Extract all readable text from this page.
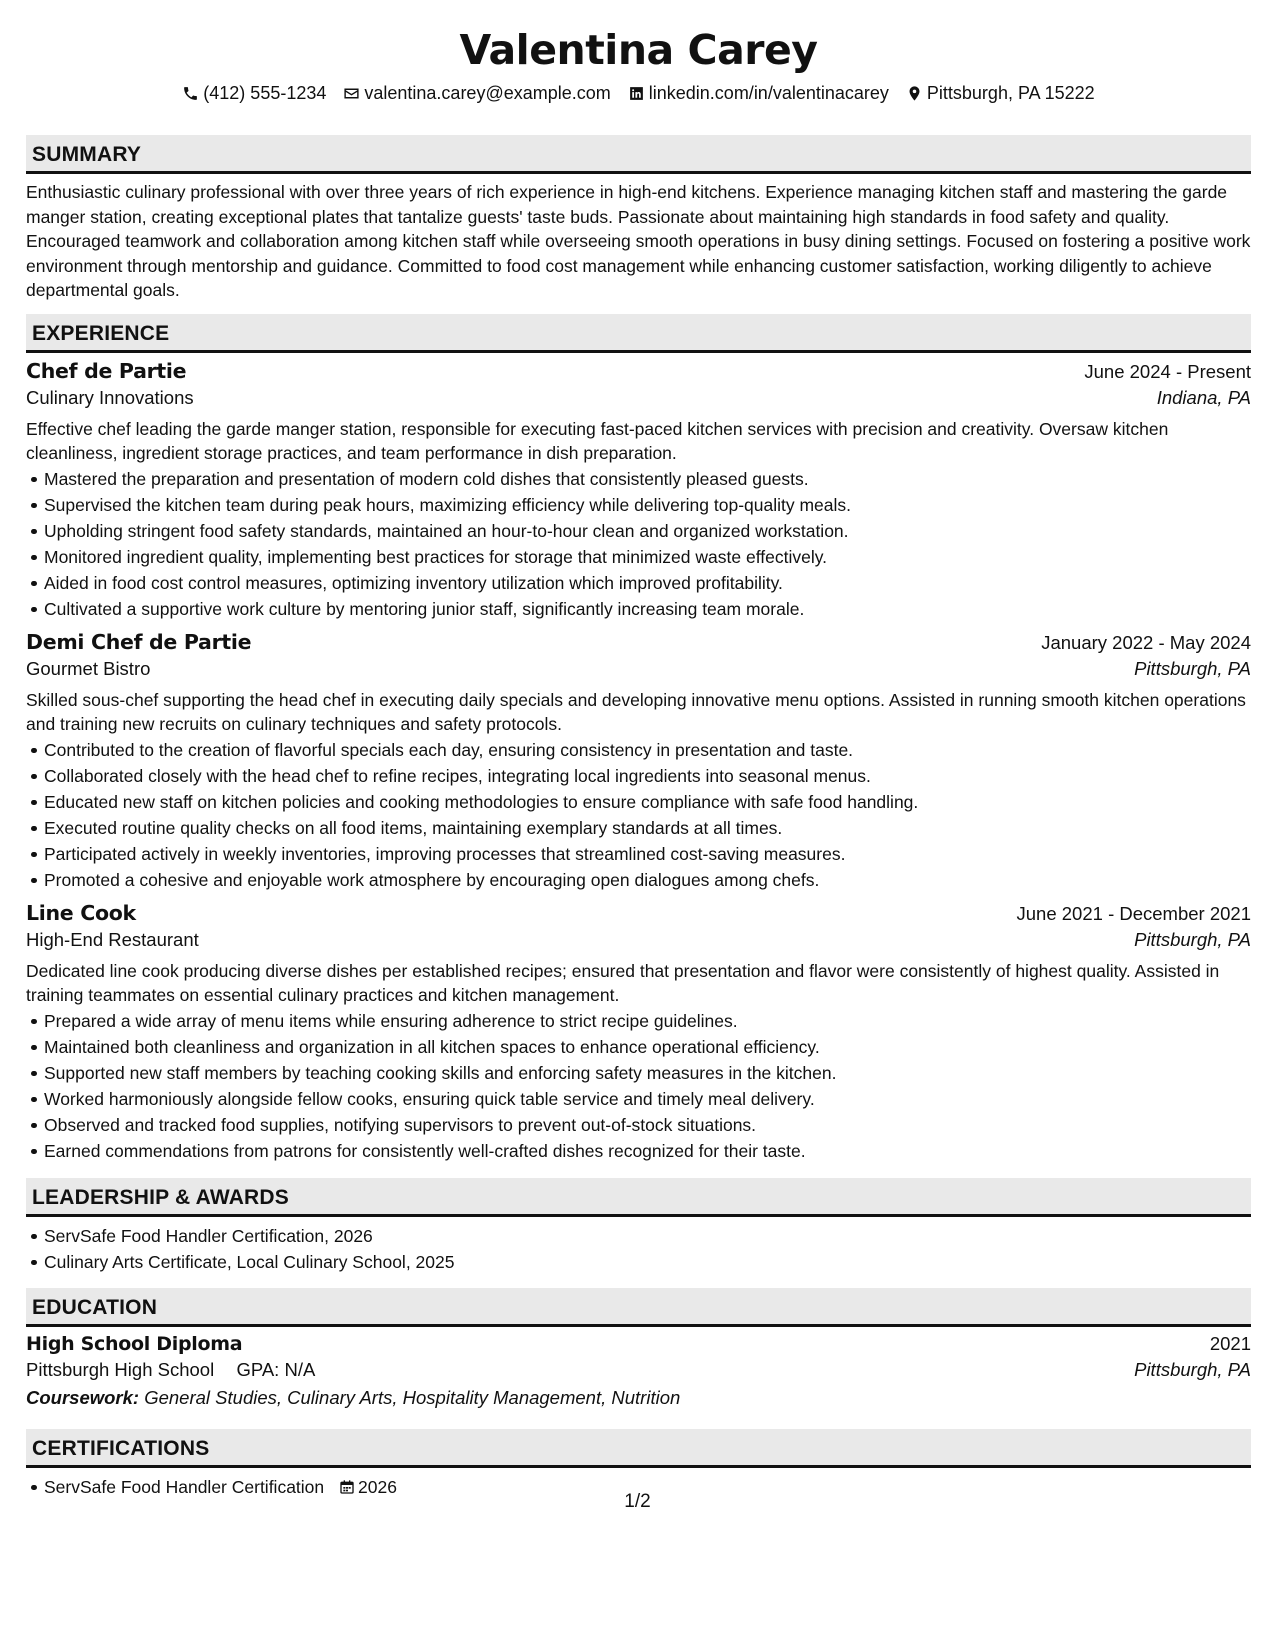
Valentina Carey
(412) 555-1234 valentina.carey@example.com linkedin.com/in/valentinacarey Pittsburgh, PA 15222
SUMMARY
Enthusiastic culinary professional with over three years of rich experience in high-end kitchens. Experience managing kitchen staff and mastering the garde manger station, creating exceptional plates that tantalize guests' taste buds. Passionate about maintaining high standards in food safety and quality. Encouraged teamwork and collaboration among kitchen staff while overseeing smooth operations in busy dining settings. Focused on fostering a positive work environment through mentorship and guidance. Committed to food cost management while enhancing customer satisfaction, working diligently to achieve departmental goals.
EXPERIENCE
Chef de Partie	June 2024 - Present
Culinary Innovations	Indiana, PA
Effective chef leading the garde manger station, responsible for executing fast-paced kitchen services with precision and creativity. Oversaw kitchen cleanliness, ingredient storage practices, and team performance in dish preparation.
Mastered the preparation and presentation of modern cold dishes that consistently pleased guests.
Supervised the kitchen team during peak hours, maximizing efficiency while delivering top-quality meals.
Upholding stringent food safety standards, maintained an hour-to-hour clean and organized workstation.
Monitored ingredient quality, implementing best practices for storage that minimized waste effectively.
Aided in food cost control measures, optimizing inventory utilization which improved profitability.
Cultivated a supportive work culture by mentoring junior staff, significantly increasing team morale.
Demi Chef de Partie	January 2022 - May 2024
Gourmet Bistro	Pittsburgh, PA
Skilled sous-chef supporting the head chef in executing daily specials and developing innovative menu options. Assisted in running smooth kitchen operations and training new recruits on culinary techniques and safety protocols.
Contributed to the creation of flavorful specials each day, ensuring consistency in presentation and taste.
Collaborated closely with the head chef to refine recipes, integrating local ingredients into seasonal menus.
Educated new staff on kitchen policies and cooking methodologies to ensure compliance with safe food handling.
Executed routine quality checks on all food items, maintaining exemplary standards at all times.
Participated actively in weekly inventories, improving processes that streamlined cost-saving measures.
Promoted a cohesive and enjoyable work atmosphere by encouraging open dialogues among chefs.
Line Cook	June 2021 - December 2021
High-End Restaurant	Pittsburgh, PA
Dedicated line cook producing diverse dishes per established recipes; ensured that presentation and flavor were consistently of highest quality. Assisted in training teammates on essential culinary practices and kitchen management.
Prepared a wide array of menu items while ensuring adherence to strict recipe guidelines.
Maintained both cleanliness and organization in all kitchen spaces to enhance operational efficiency.
Supported new staff members by teaching cooking skills and enforcing safety measures in the kitchen.
Worked harmoniously alongside fellow cooks, ensuring quick table service and timely meal delivery.
Observed and tracked food supplies, notifying supervisors to prevent out-of-stock situations.
Earned commendations from patrons for consistently well-crafted dishes recognized for their taste.
LEADERSHIP & AWARDS
ServSafe Food Handler Certification, 2026
Culinary Arts Certificate, Local Culinary School, 2025
EDUCATION
High School Diploma	2021
Pittsburgh High School GPA: N/A	Pittsburgh, PA
Coursework: General Studies, Culinary Arts, Hospitality Management, Nutrition
CERTIFICATIONS
ServSafe Food Handler Certification 2026
1/2
